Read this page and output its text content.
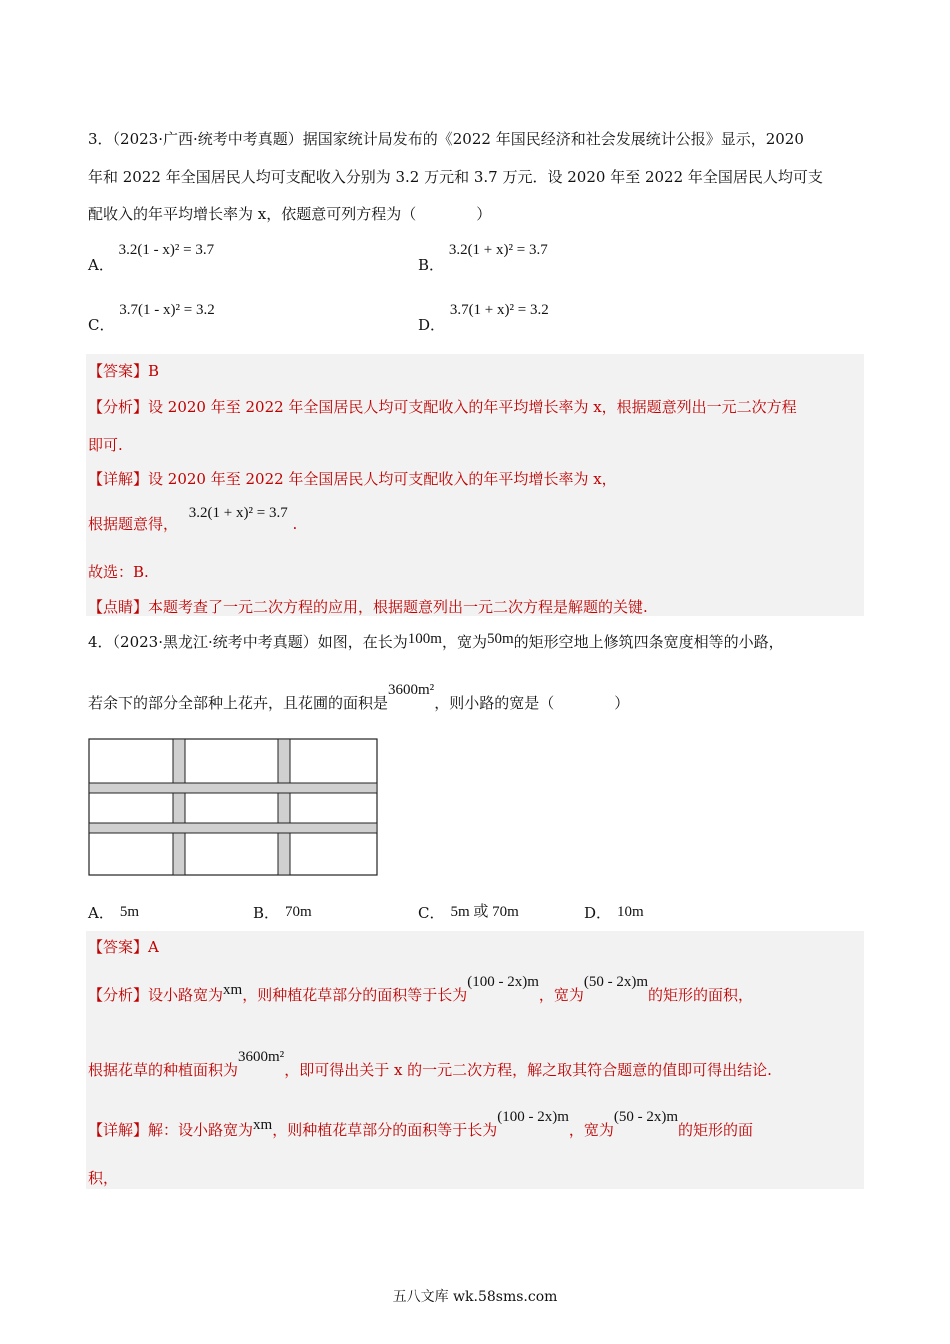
3．（2023·广西·统考中考真题）据国家统计局发布的《2022 年国民经济和社会发展统计公报》显示，2020
年和 2022 年全国居民人均可支配收入分别为 3.2 万元和 3.7 万元．设 2020 年至 2022 年全国居民人均可支
配收入的年平均增长率为 x，依题意可列方程为（　　　　）
A． 3.2(1 - x)² = 3.7
B． 3.2(1 + x)² = 3.7
C． 3.7(1 - x)² = 3.2
D． 3.7(1 + x)² = 3.2
【答案】B
【分析】设 2020 年至 2022 年全国居民人均可支配收入的年平均增长率为 x，根据题意列出一元二次方程
即可.
【详解】设 2020 年至 2022 年全国居民人均可支配收入的年平均增长率为 x，
根据题意得， 3.2(1 + x)² = 3.7 .
故选：B.
【点睛】本题考查了一元二次方程的应用，根据题意列出一元二次方程是解题的关键.
4．（2023·黑龙江·统考中考真题）如图，在长为100m，宽为50m的矩形空地上修筑四条宽度相等的小路，
若余下的部分全部种上花卉，且花圃的面积是3600m²，则小路的宽是（　　　　）
A． 5m	B． 70m	C． 5m 或 70m	D． 10m
【答案】A
【分析】设小路宽为xm，则种植花草部分的面积等于长为(100 - 2x)m，宽为(50 - 2x)m的矩形的面积，
根据花草的种植面积为3600m²，即可得出关于 x 的一元二次方程，解之取其符合题意的值即可得出结论.
【详解】解：设小路宽为xm，则种植花草部分的面积等于长为(100 - 2x)m，宽为(50 - 2x)m的矩形的面
积，
五八文库 wk.58sms.com
